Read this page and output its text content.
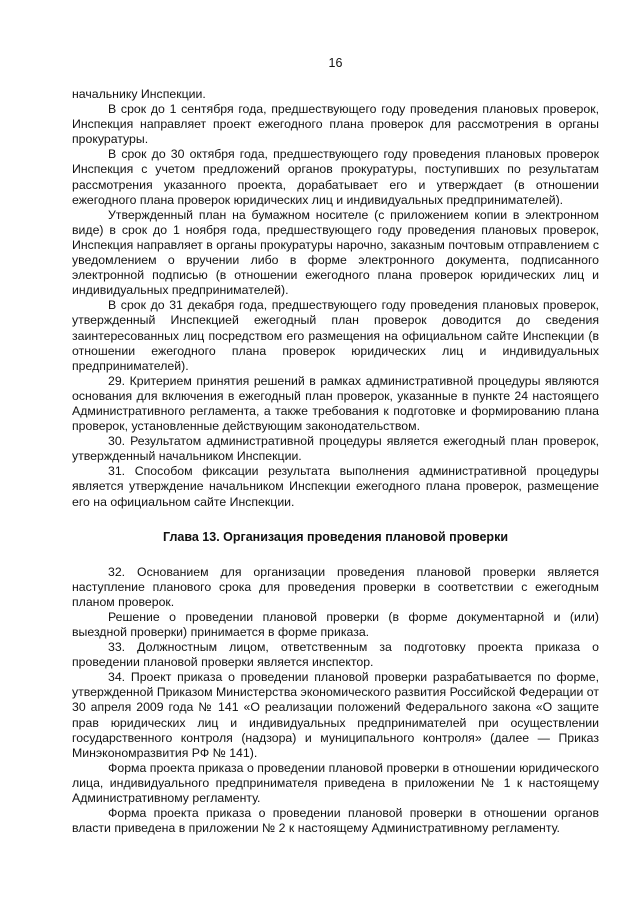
16

начальнику Инспекции.

В срок до 1 сентября года, предшествующего году проведения плановых проверок, Инспекция направляет проект ежегодного плана проверок для рассмотрения в органы прокуратуры.

В срок до 30 октября года, предшествующего году проведения плановых проверок Инспекция с учетом предложений органов прокуратуры, поступивших по результатам рассмотрения указанного проекта, дорабатывает его и утверждает (в отношении ежегодного плана проверок юридических лиц и индивидуальных предпринимателей).

Утвержденный план на бумажном носителе (с приложением копии в электронном виде) в срок до 1 ноября года, предшествующего году проведения плановых проверок, Инспекция направляет в органы прокуратуры нарочно, заказным почтовым отправлением с уведомлением о вручении либо в форме электронного документа, подписанного электронной подписью (в отношении ежегодного плана проверок юридических лиц и индивидуальных предпринимателей).

В срок до 31 декабря года, предшествующего году проведения плановых проверок, утвержденный Инспекцией ежегодный план проверок доводится до сведения заинтересованных лиц посредством его размещения на официальном сайте Инспекции (в отношении ежегодного плана проверок юридических лиц и индивидуальных предпринимателей).

29. Критерием принятия решений в рамках административной процедуры являются основания для включения в ежегодный план проверок, указанные в пункте 24 настоящего Административного регламента, а также требования к подготовке и формированию плана проверок, установленные действующим законодательством.

30. Результатом административной процедуры является ежегодный план проверок, утвержденный начальником Инспекции.

31. Способом фиксации результата выполнения административной процедуры является утверждение начальником Инспекции ежегодного плана проверок, размещение его на официальном сайте Инспекции.

Глава 13. Организация проведения плановой проверки

32. Основанием для организации проведения плановой проверки является наступление планового срока для проведения проверки в соответствии с ежегодным планом проверок.

Решение о проведении плановой проверки (в форме документарной и (или) выездной проверки) принимается в форме приказа.

33. Должностным лицом, ответственным за подготовку проекта приказа о проведении плановой проверки является инспектор.

34. Проект приказа о проведении плановой проверки разрабатывается по форме, утвержденной Приказом Министерства экономического развития Российской Федерации от 30 апреля 2009 года № 141 «О реализации положений Федерального закона «О защите прав юридических лиц и индивидуальных предпринимателей при осуществлении государственного контроля (надзора) и муниципального контроля» (далее — Приказ Минэкономразвития РФ № 141).

Форма проекта приказа о проведении плановой проверки в отношении юридического лица, индивидуального предпринимателя приведена в приложении № 1 к настоящему Административному регламенту.

Форма проекта приказа о проведении плановой проверки в отношении органов власти приведена в приложении № 2 к настоящему Административному регламенту.
